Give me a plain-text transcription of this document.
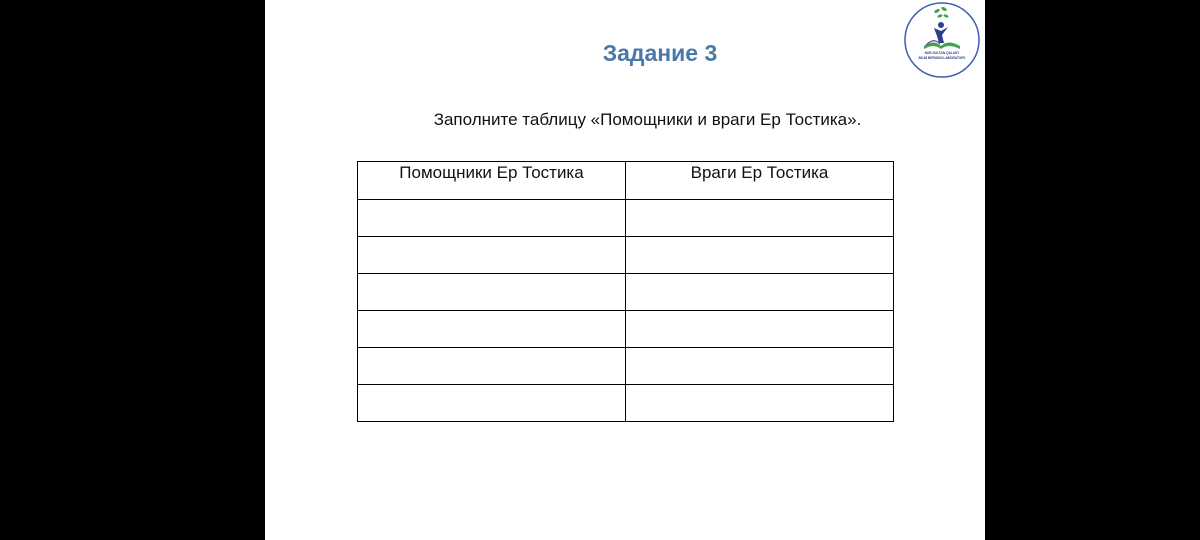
NUR-SULTAN QALASY
BILIM BERUDIN LABORATORY
Задание 3

Заполните таблицу «Помощники и враги Ер Тостика».

Помощники Ер Тостика	Враги Ер Тостика
